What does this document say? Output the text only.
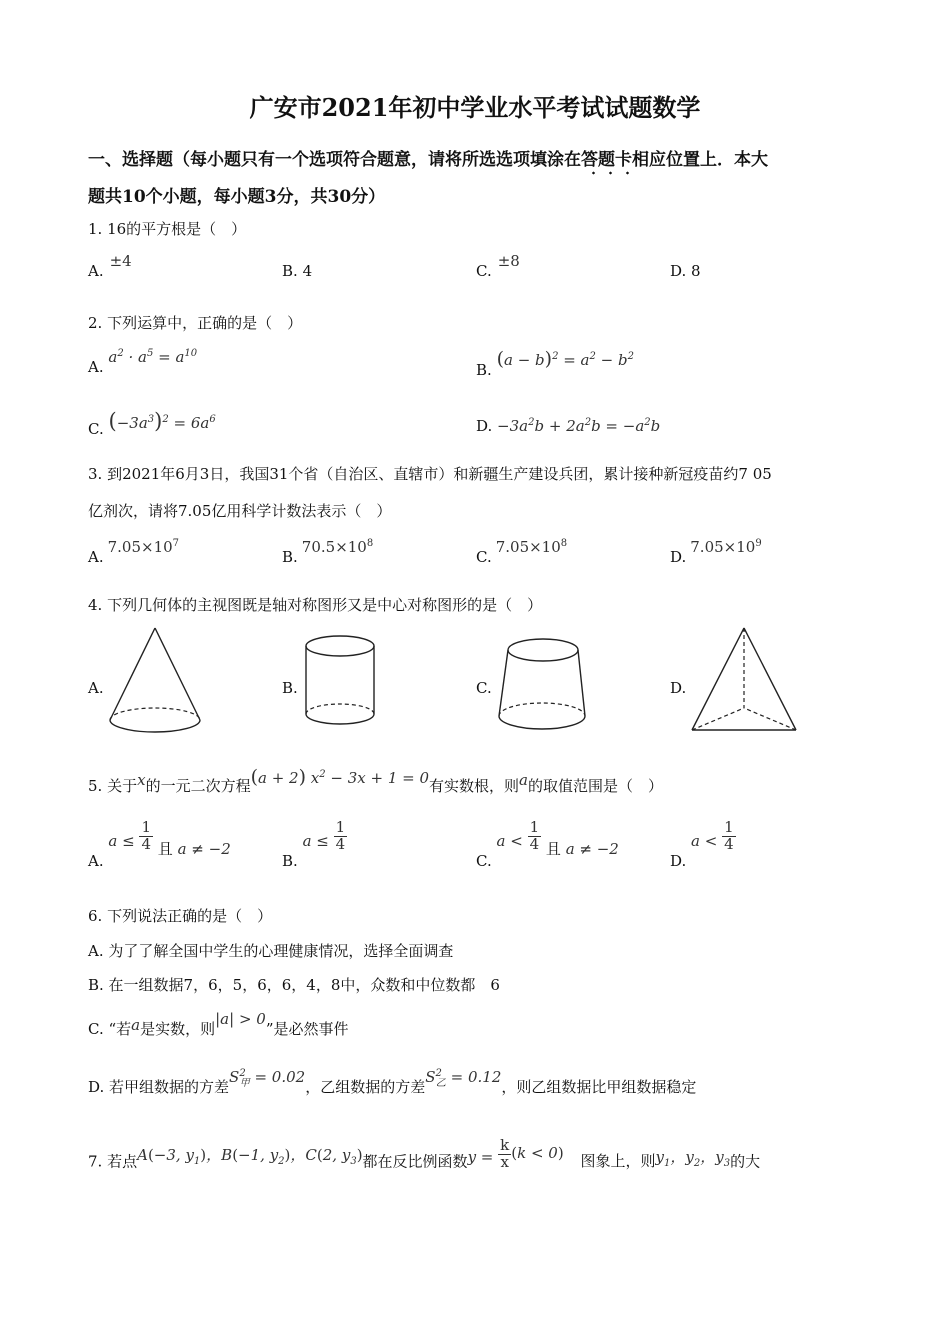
广安市2021年初中学业水平考试试题数学
一、选择题（每小题只有一个选项符合题意，请将所选选项填涂在答题卡相应位置上．本大
题共10个小题，每小题3分，共30分）
1. 16的平方根是（　）
A.±4
B. 4	C.±8
D. 8
2. 下列运算中，正确的是（　）
A. $a^2 \cdot a^5 = a^{10}$
B. $(a - b)^2 = a^2 - b^2$
C. $(-3a^3)^2 = 6a^6$	D. $-3a^2b + 2a^2b = -a^2b$
3. 到2021年6月3日，我国31个省（自治区、直辖市）和新疆生产建设兵团，累计接种新冠疫苗约7 05
亿剂次，请将7.05亿用科学计数法表示（　）
$A.7.05\times 10^7$
$B.70.5\times 10^8$
$C.7.05\times 10^8$
$D.7.05\times 10^9$
4. 下列几何体的主视图既是轴对称图形又是中心对称图形的是（　）
A.	B.	C.	D.
5. 关于x的一元二次方程(a + 2) $x^2 - 3x + 1 = 0$有实数根，则a的取值范围是（　）
A. $a \le \frac{1}{4}$ 且 a ≠ −2
B. $a \le \frac{1}{4}$
C. $a < \frac{1}{4}$ 且 a ≠ −2
D. $a < \frac{1}{4}$
6. 下列说法正确的是（　）
A. 为了了解全国中学生的心理健康情况，选择全面调查
B. 在一组数据7，6，5，6，6，4，8中，众数和中位数都　6
C. “若a是实数，则|a| > 0”是必然事件
D. 若甲组数据的方差$S^2_甲 = 0.02$，乙组数据的方差$S^2_乙 = 0.12$，则乙组数据比甲组数据稳定
7. 若点A(−3, $y_1$)，B(−1, $y_2$)，C(2, $y_3$)都在反比例函数$y = \frac{k}{x} (k < 0)$ 图象上，则$y_1$，$y_2$，$y_3$的大
